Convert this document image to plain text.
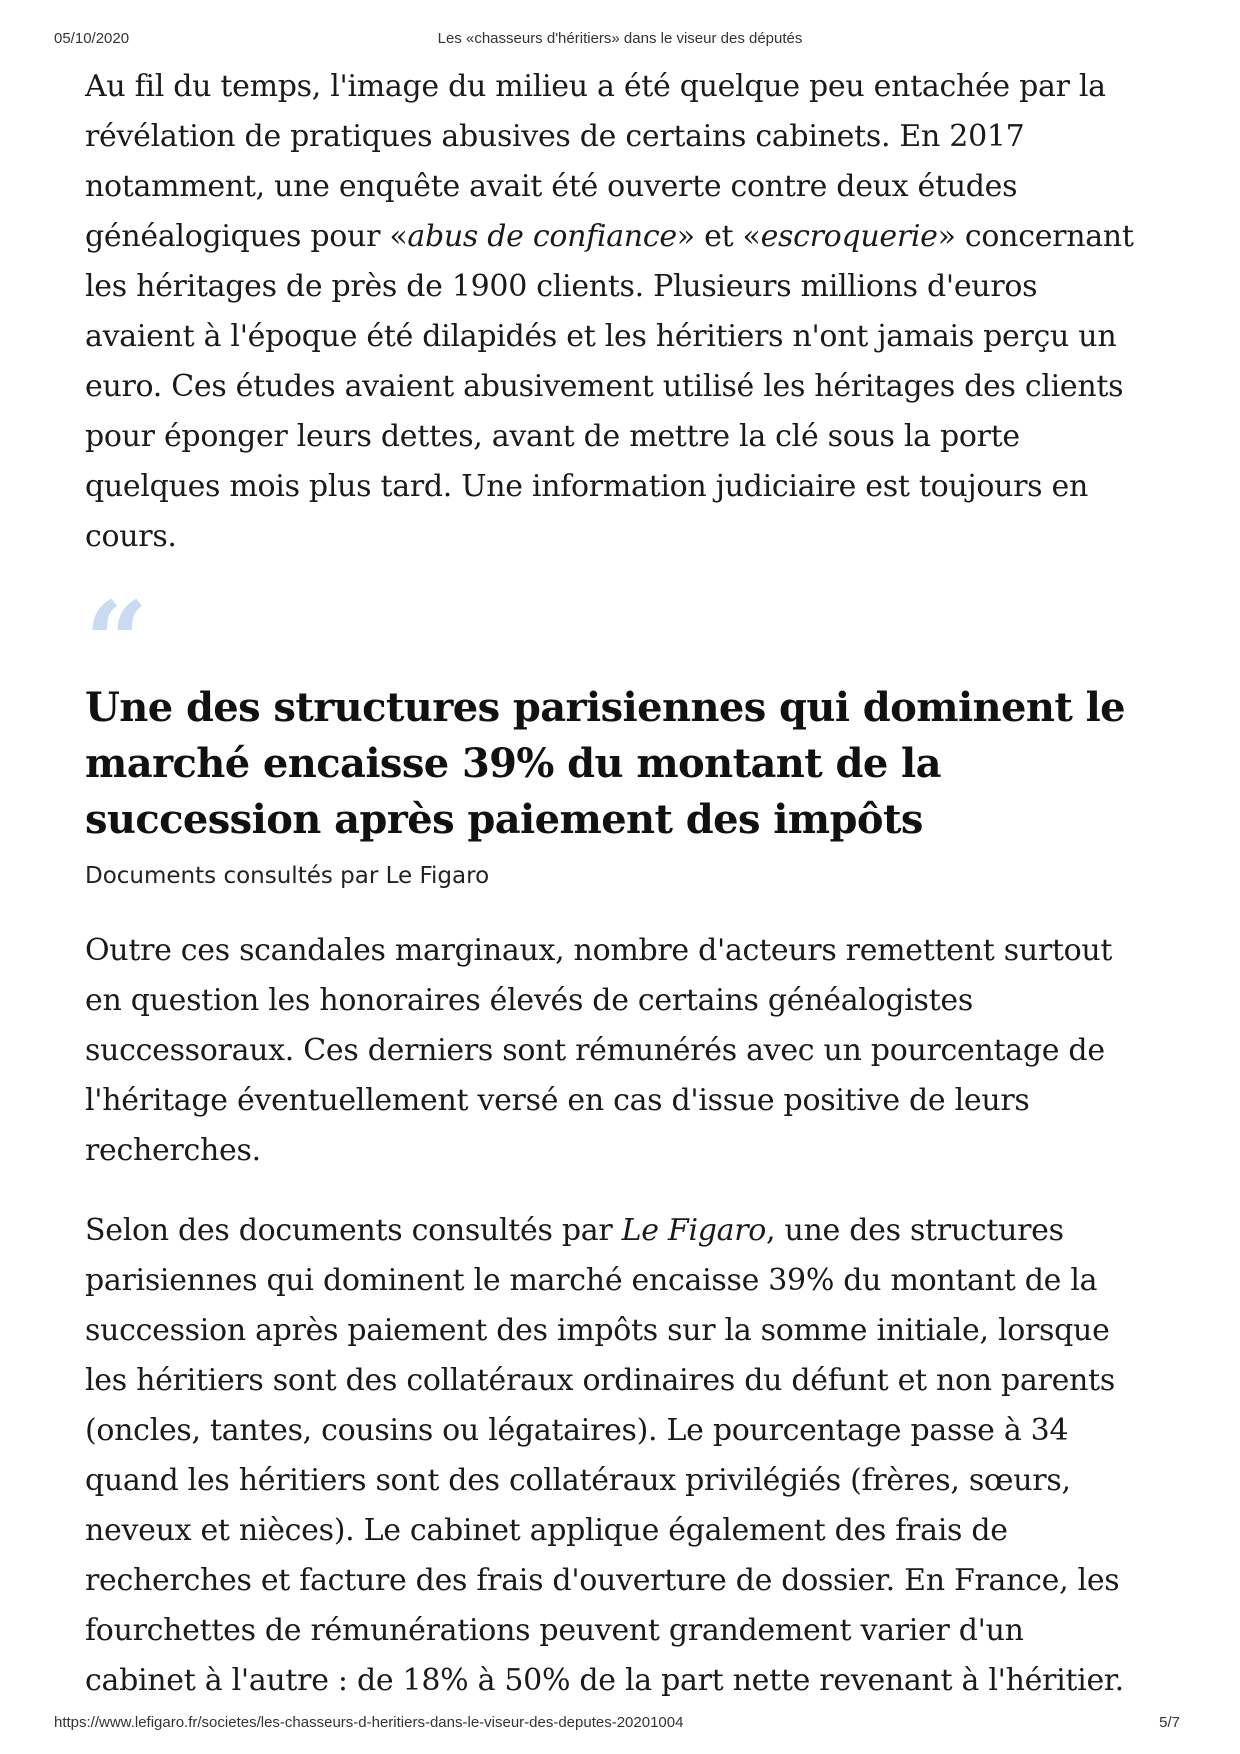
05/10/2020	Les «chasseurs d'héritiers» dans le viseur des députés

Au fil du temps, l'image du milieu a été quelque peu entachée par la
révélation de pratiques abusives de certains cabinets. En 2017
notamment, une enquête avait été ouverte contre deux études
généalogiques pour «abus de confiance» et «escroquerie» concernant
les héritages de près de 1900 clients. Plusieurs millions d'euros
avaient à l'époque été dilapidés et les héritiers n'ont jamais perçu un
euro. Ces études avaient abusivement utilisé les héritages des clients
pour éponger leurs dettes, avant de mettre la clé sous la porte
quelques mois plus tard. Une information judiciaire est toujours en
cours.

“
Une des structures parisiennes qui dominent le
marché encaisse 39% du montant de la
succession après paiement des impôts
Documents consultés par Le Figaro

Outre ces scandales marginaux, nombre d'acteurs remettent surtout
en question les honoraires élevés de certains généalogistes
successoraux. Ces derniers sont rémunérés avec un pourcentage de
l'héritage éventuellement versé en cas d'issue positive de leurs
recherches.

Selon des documents consultés par Le Figaro, une des structures
parisiennes qui dominent le marché encaisse 39% du montant de la
succession après paiement des impôts sur la somme initiale, lorsque
les héritiers sont des collatéraux ordinaires du défunt et non parents
(oncles, tantes, cousins ou légataires). Le pourcentage passe à 34
quand les héritiers sont des collatéraux privilégiés (frères, sœurs,
neveux et nièces). Le cabinet applique également des frais de
recherches et facture des frais d'ouverture de dossier. En France, les
fourchettes de rémunérations peuvent grandement varier d'un
cabinet à l'autre : de 18% à 50% de la part nette revenant à l'héritier.

https://www.lefigaro.fr/societes/les-chasseurs-d-heritiers-dans-le-viseur-des-deputes-20201004	5/7
